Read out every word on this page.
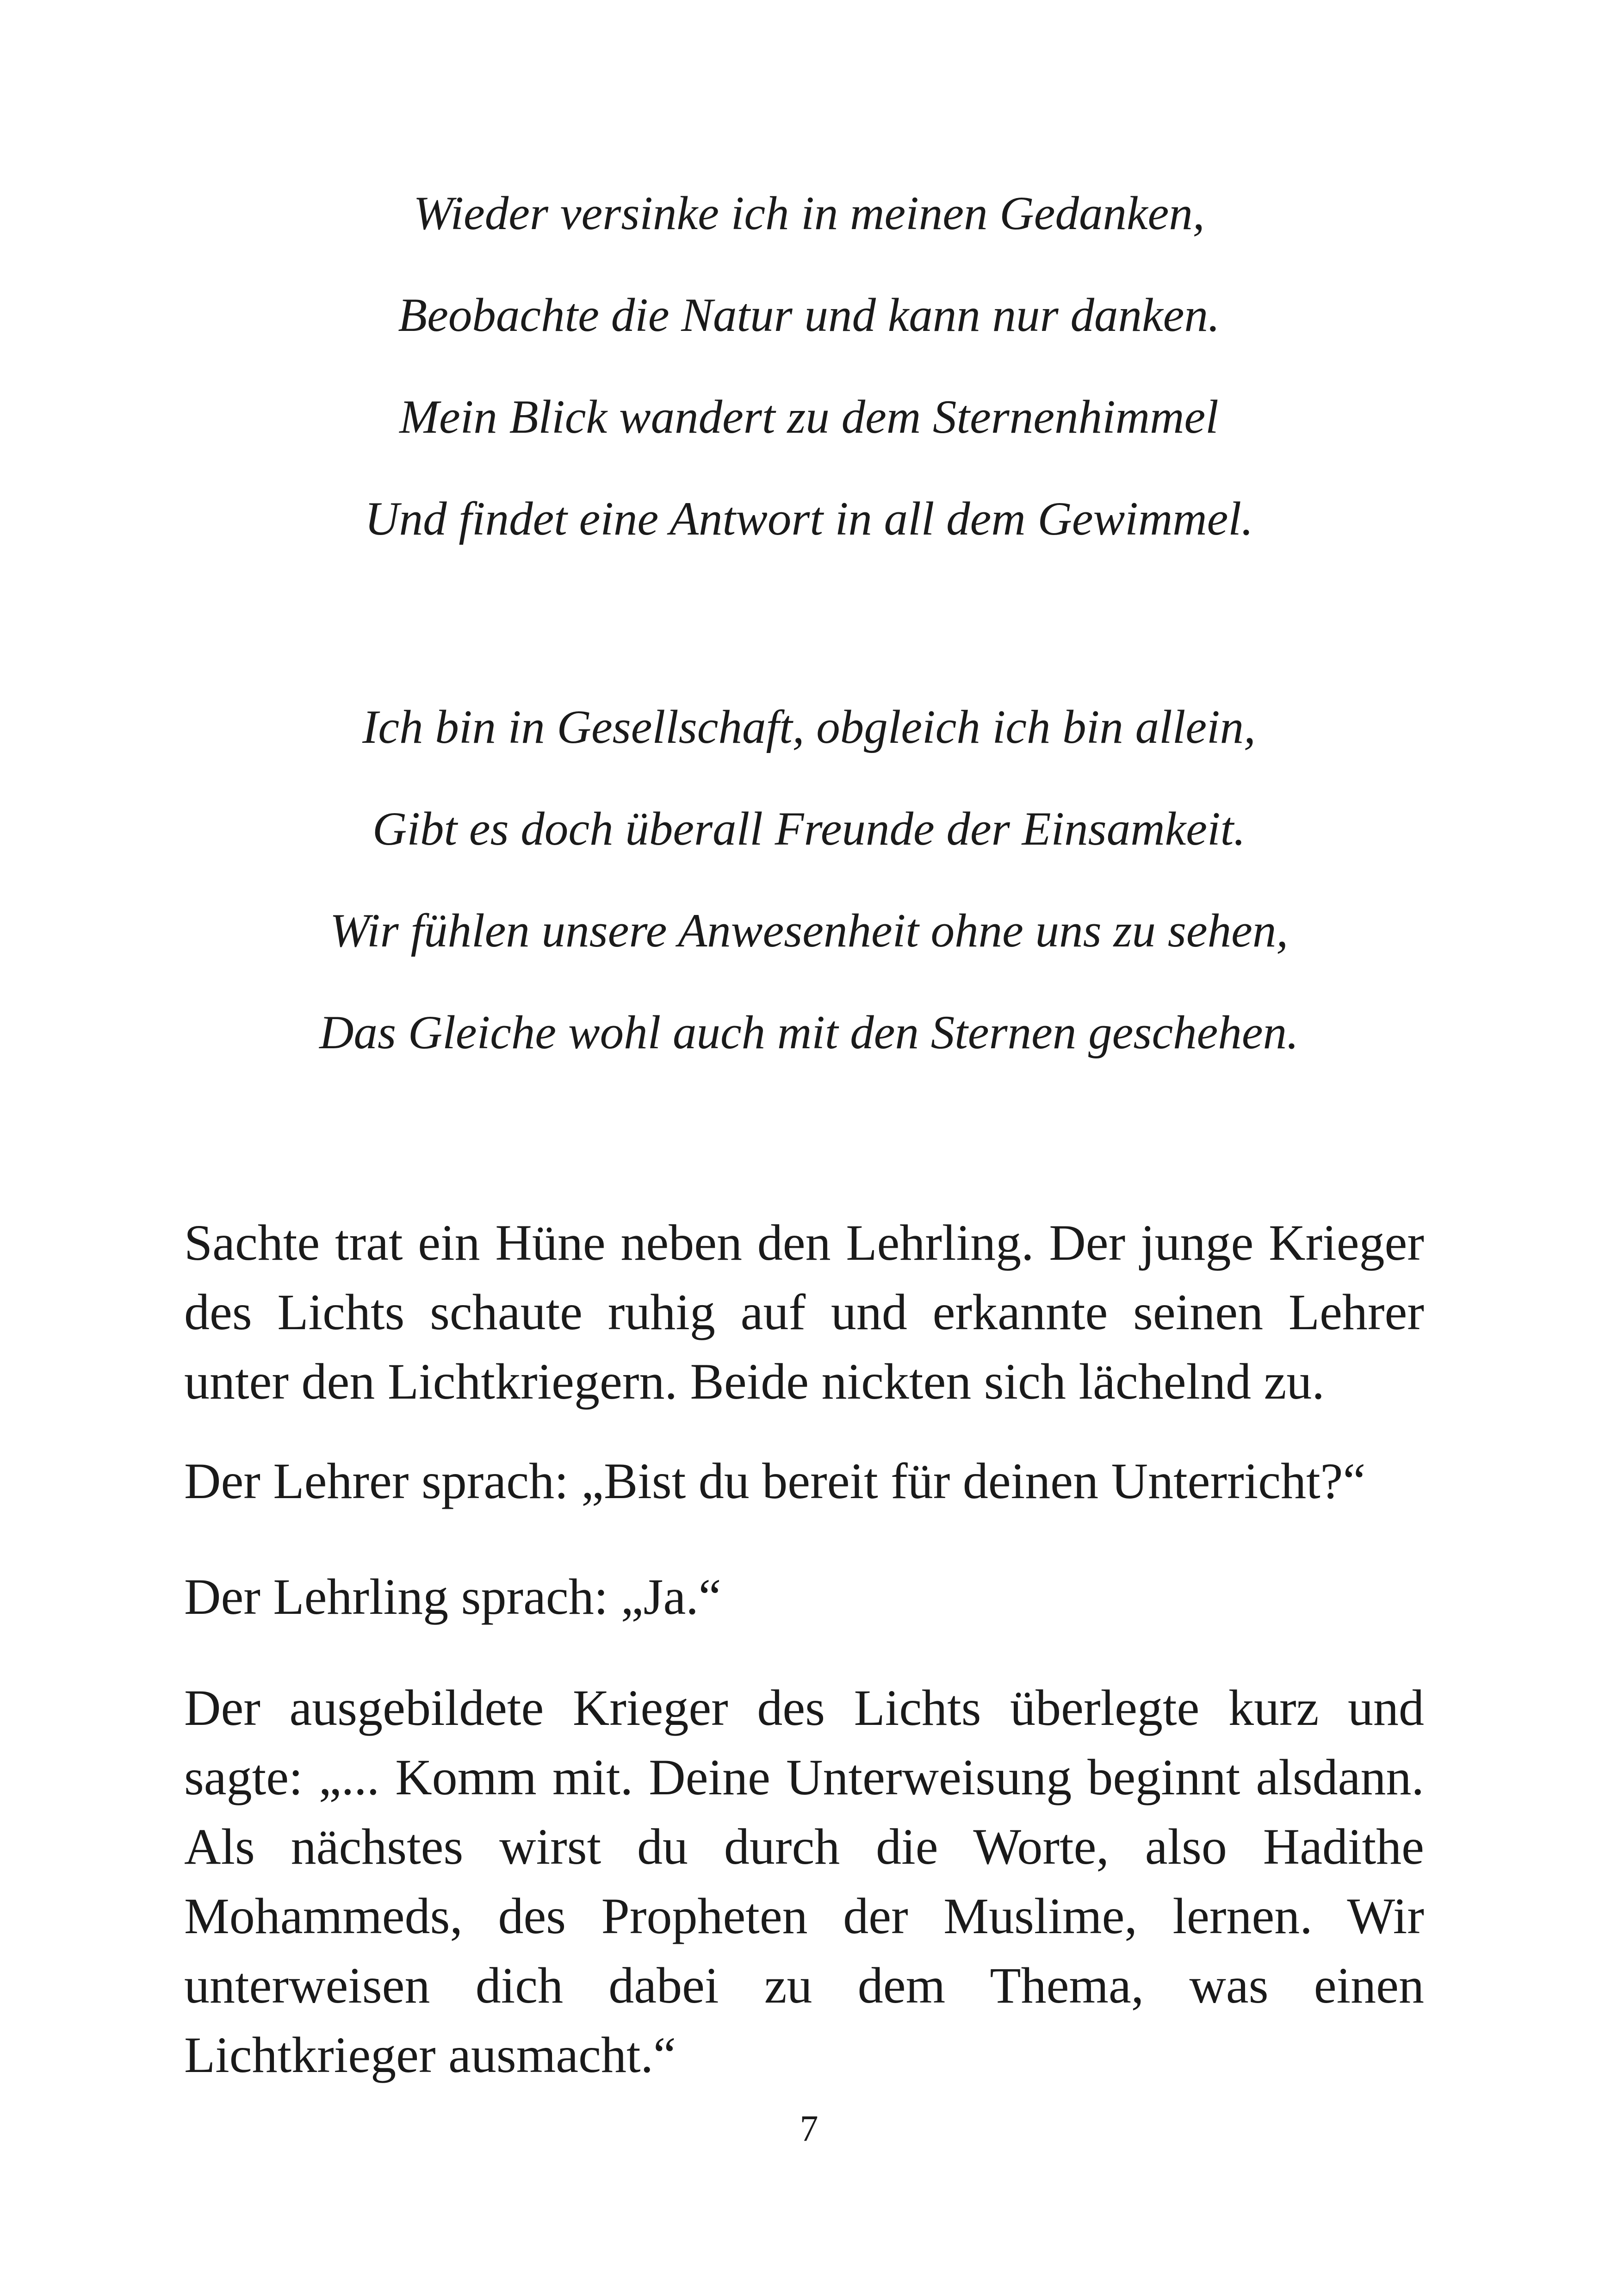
Wieder versinke ich in meinen Gedanken,
Beobachte die Natur und kann nur danken.
Mein Blick wandert zu dem Sternenhimmel
Und findet eine Antwort in all dem Gewimmel.
Ich bin in Gesellschaft, obgleich ich bin allein,
Gibt es doch überall Freunde der Einsamkeit.
Wir fühlen unsere Anwesenheit ohne uns zu sehen,
Das Gleiche wohl auch mit den Sternen geschehen.

Sachte trat ein Hüne neben den Lehrling. Der junge Krieger des Lichts schaute ruhig auf und erkannte seinen Lehrer unter den Lichtkriegern. Beide nickten sich lächelnd zu.

Der Lehrer sprach: „Bist du bereit für deinen Unterricht?“

Der Lehrling sprach: „Ja.“

Der ausgebildete Krieger des Lichts überlegte kurz und sagte: „... Komm mit. Deine Unterweisung beginnt alsdann. Als nächstes wirst du durch die Worte, also Hadithe Mohammeds, des Propheten der Muslime, lernen. Wir unterweisen dich dabei zu dem Thema, was einen Lichtkrieger ausmacht.“

7
